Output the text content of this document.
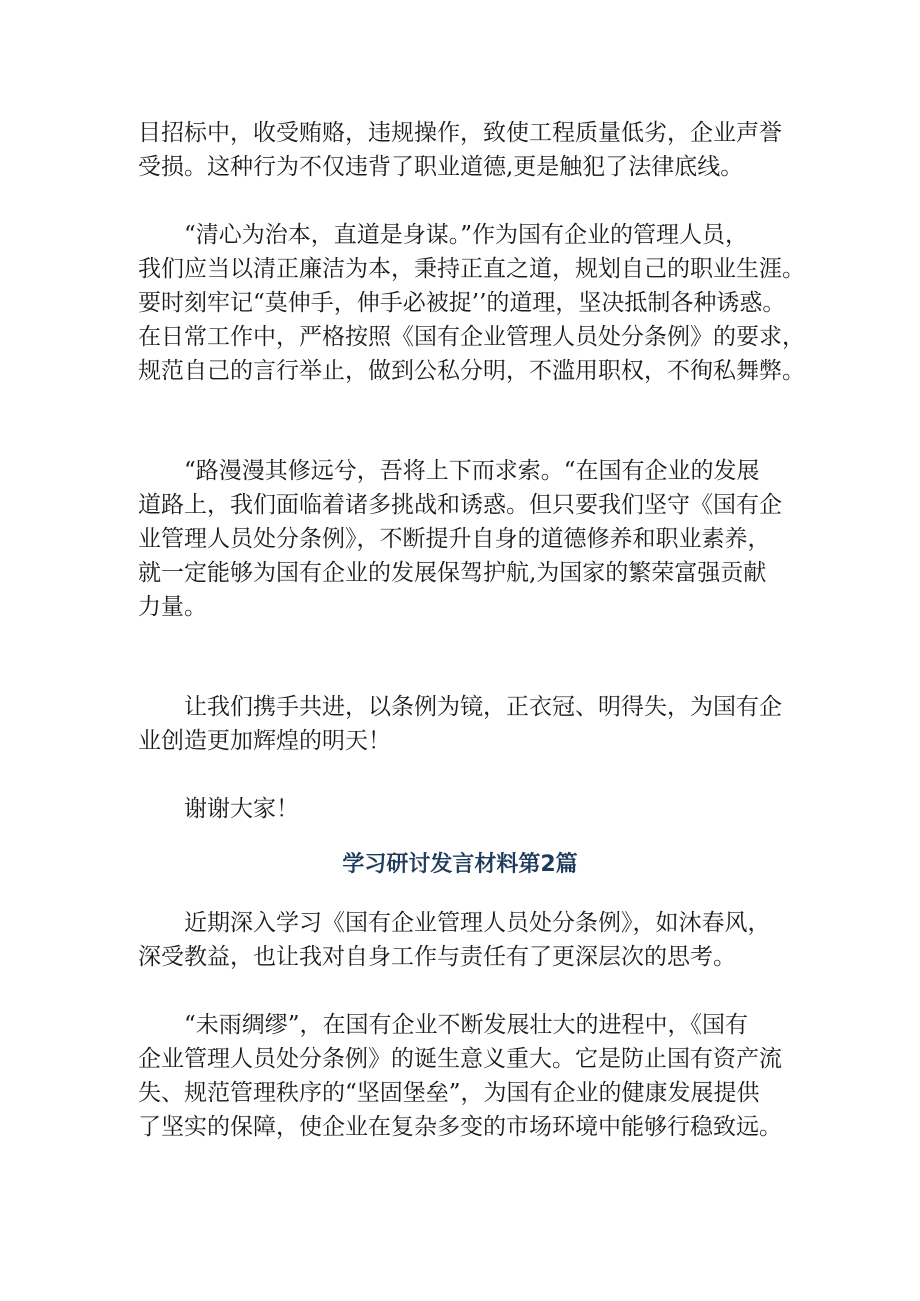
目招标中，收受贿赂，违规操作，致使工程质量低劣，企业声誉
受损。这种行为不仅违背了职业道德,更是触犯了法律底线。
“清心为治本，直道是身谋。”作为国有企业的管理人员，
我们应当以清正廉洁为本，秉持正直之道，规划自己的职业生涯。
要时刻牢记“莫伸手，伸手必被捉’’的道理，坚决抵制各种诱惑。
在日常工作中，严格按照《国有企业管理人员处分条例》的要求，
规范自己的言行举止，做到公私分明，不滥用职权，不徇私舞弊。
“路漫漫其修远兮，吾将上下而求索。“在国有企业的发展
道路上，我们面临着诸多挑战和诱惑。但只要我们坚守《国有企
业管理人员处分条例》，不断提升自身的道德修养和职业素养，
就一定能够为国有企业的发展保驾护航,为国家的繁荣富强贡献
力量。
让我们携手共进，以条例为镜，正衣冠、明得失，为国有企
业创造更加辉煌的明天！
谢谢大家！
学习研讨发言材料第2篇
近期深入学习《国有企业管理人员处分条例》，如沐春风，
深受教益，也让我对自身工作与责任有了更深层次的思考。
“未雨绸缪”，在国有企业不断发展壮大的进程中，《国有
企业管理人员处分条例》的诞生意义重大。它是防止国有资产流
失、规范管理秩序的“坚固堡垒”，为国有企业的健康发展提供
了坚实的保障，使企业在复杂多变的市场环境中能够行稳致远。
